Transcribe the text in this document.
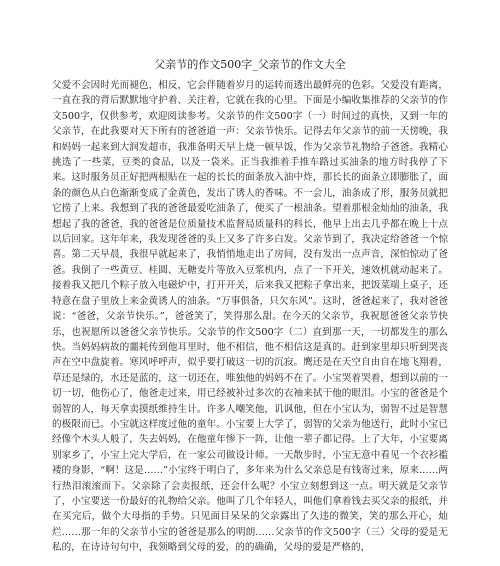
父亲节的作文500字_父亲节的作文大全

父爱不会因时光而褪色，相反，它会伴随着岁月的运转而透出最鲜亮的色彩。父爱没有距离，一直在我的背后默默地守护着、关注着，它就在我的心里。下面是小编收集推荐的父亲节的作文500字，仅供参考，欢迎阅读参考。父亲节的作文500字（一）时间过的真快，又到一年的父亲节，在此我要对天下所有的爸爸道一声：父亲节快乐。记得去年父亲节的前一天傍晚，我和妈妈一起来到大润发超市，我准备明天早上烧一顿早饭，作为父亲节礼物给子爸爸。我精心挑选了一些菜，豆类的食品，以及一袋米。正当我推着手推车路过买油条的地方时我停了下来。这时服务员正好把两根贴在一起的长长的面条放入油中炸，那长长的面条立即膨胀了，面条的颜色从白色渐渐变成了金黄色，发出了诱人的香味。不一会儿，油条成了形，服务员就把它捞了上来。我想到了我的爸爸最爱吃油条了，便买了一根油条。望着那根金灿灿的油条，我想起了我的爸爸，我的爸爸是位质量技术监督局质量科的科长，他早上出去几乎都在晚上十点以后回家。这年年来，我发现爸爸的头上又多了许多白发。父亲节到了，我决定给爸爸一个惊喜。第二天早晨，我很早就起来了，我悄悄地走出了房间，没有发出一点声音，深怕惊动了爸爸。我倒了一些黄豆、桂圆、无糖麦片等放入豆浆机内，点了一下开关，速效机就动起来了。接着我又把几个粽子放入电磁炉中，打开开关，后来我又把粽子拿出来，把饭菜端上桌子，还特意在盘子里放上来金黄诱人的油条。“万事俱备，只欠东风”。这时，爸爸起来了，我对爸爸说：“爸爸，父亲节快乐。”，爸爸笑了，笑得那么甜。在今天的父亲节，我祝愿爸爸父亲节快乐，也祝愿所以爸爸父亲节快乐。父亲节的作文500字（二）直到那一天，一切都发生的那么快。当妈妈病故的噩耗传到他耳里时，他不相信，他不相信这是真的。赶到家里却只听到哭丧声在空中盘旋着。寒风呼呼声，似乎要打破这一切的沉寂。鹰还是在天空自由自在地飞翔着，草还是绿的，水还是蓝的，这一切还在，唯独他的妈妈不在了。小宝哭着哭着，想到以前的一切一切，他伤心了，他爸走过来，用已经被补过多次的衣袖来拭干他的眼泪。小宝的爸爸是个弱智的人，每天拿卖摸纸维持生计。许多人嘲笑他，讥讽他，但在小宝认为，弱智不过是智慧的极限而已。小宝就这样度过他的童年。小宝要上大学了，弱智的父亲为他送行，此时小宝已经像个木头人般了，失去妈妈，在他童年惨下一阵，让他一辈子都记得。上了大年，小宝要离别家乡了，小宝上完大学后，在一家公司做设计师。一天散步时，小宝无意中看见一个衣衫褴褛的身影，“啊！这是……”小宝终于明白了，多年来为什么父亲总是有钱寄过来，原来……两行热泪滚滚而下。父亲除了会卖报纸，还会什么呢？小宝立刻想到这一点。明天就是父亲节了，小宝要送一份最好的礼物给父亲。他叫了几个年轻人，叫他们拿着钱去买父亲的报纸，并在买完后，做个大母指的手势。只见面目呆呆的父亲露出了久违的微笑，笑的那么开心，灿烂……那一年的父亲节小宝的爸爸是那么的明朗……父亲节的作文500字（三）父母的爱是无私的，在诗诗句句中，我领略到父母的爱，的的确确，父母的爱是严格的，
